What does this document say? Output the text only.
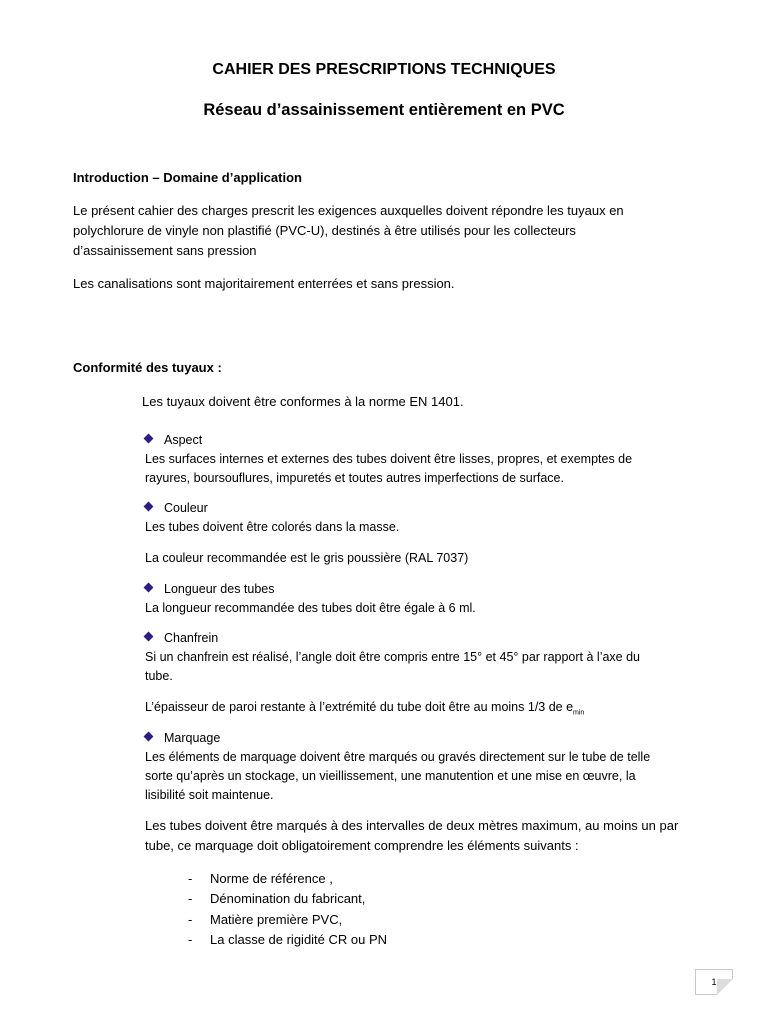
CAHIER DES PRESCRIPTIONS TECHNIQUES
Réseau d’assainissement entièrement en PVC
Introduction – Domaine d’application
Le présent cahier des charges prescrit les exigences auxquelles doivent répondre les tuyaux en
polychlorure de vinyle non plastifié (PVC-U), destinés à être utilisés pour les collecteurs
d’assainissement sans pression
Les canalisations sont majoritairement enterrées et sans pression.
Conformité des tuyaux :
Les tuyaux doivent être conformes à la norme EN 1401.
Aspect
Les surfaces internes et externes des tubes doivent être lisses, propres, et exemptes de
rayures, boursouflures, impuretés et toutes autres imperfections de surface.
Couleur
Les tubes doivent être colorés dans la masse.
La couleur recommandée est le gris poussière (RAL 7037)
Longueur des tubes
La longueur recommandée des tubes doit être égale à 6 ml.
Chanfrein
Si un chanfrein est réalisé, l’angle doit être compris entre 15° et 45° par rapport à l’axe du
tube.
L’épaisseur de paroi restante à l’extrémité du tube doit être au moins 1/3 de $e_{min}$
Marquage
Les éléments de marquage doivent être marqués ou gravés directement sur le tube de telle
sorte qu’après un stockage, un vieillissement, une manutention et une mise en œuvre, la
lisibilité soit maintenue.
Les tubes doivent être marqués à des intervalles de deux mètres maximum, au moins un par
tube, ce marquage doit obligatoirement comprendre les éléments suivants :
- Norme de référence ,
- Dénomination du fabricant,
- Matière première PVC,
- La classe de rigidité CR ou PN
1
